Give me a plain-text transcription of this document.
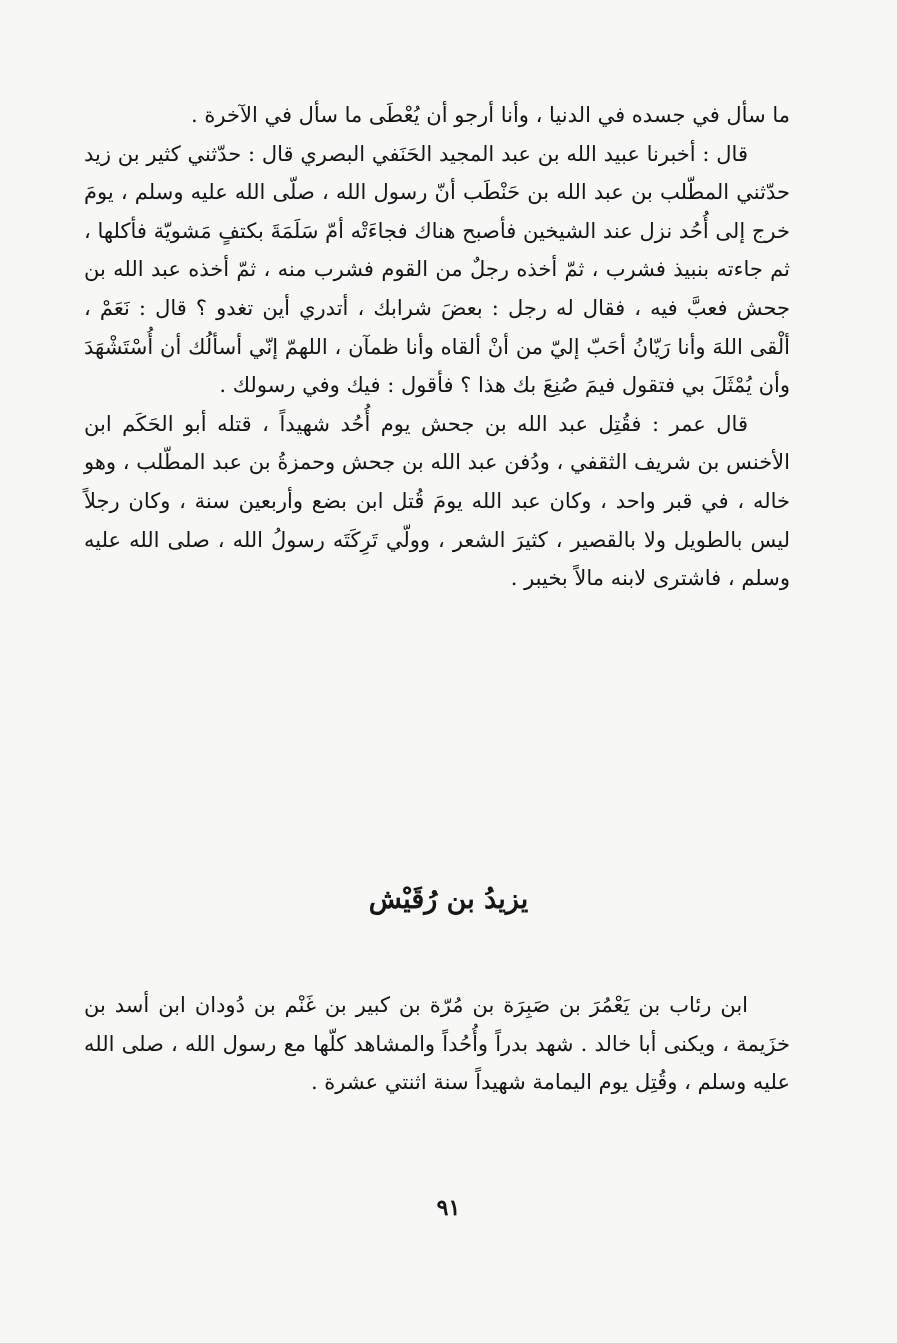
ما سأل في جسده في الدنيا ، وأنا أرجو أن يُعْطَى ما سأل في الآخرة .

قال : أخبرنا عبيد الله بن عبد المجيد الحَنَفي البصري قال : حدّثني كثير بن زيد حدّثني المطّلب بن عبد الله بن حَنْطَب أنّ رسول الله ، صلّى الله عليه وسلم ، يومَ خرج إلى أُحُد نزل عند الشيخين فأصبح هناك فجاءَتْه أمّ سَلَمَةَ بكتفٍ مَشويّة فأكلها ، ثم جاءته بنبيذ فشرب ، ثمّ أخذه رجلٌ من القوم فشرب منه ، ثمّ أخذه عبد الله بن جحش فعبَّ فيه ، فقال له رجل : بعضَ شرابك ، أتدري أين تغدو ؟ قال : نَعَمْ ، ألْقى اللهَ وأنا رَيّانُ أحَبّ إليّ من أنْ ألقاه وأنا ظمآن ، اللهمّ إنّي أسألُك أن أُسْتَشْهَدَ وأن يُمْثَلَ بي فتقول فيمَ صُنِعَ بك هذا ؟ فأقول : فيك وفي رسولك .

قال عمر : فقُتِل عبد الله بن جحش يوم أُحُد شهيداً ، قتله أبو الحَكَم ابن الأخنس بن شريف الثقفي ، ودُفن عبد الله بن جحش وحمزةُ بن عبد المطّلب ، وهو خاله ، في قبر واحد ، وكان عبد الله يومَ قُتل ابن بضع وأربعين سنة ، وكان رجلاً ليس بالطويل ولا بالقصير ، كثيرَ الشعر ، وولّي تَرِكَتَه رسولُ الله ، صلى الله عليه وسلم ، فاشترى لابنه مالاً بخيبر .

يزيدُ بن رُقَيْش

ابن رئاب بن يَعْمُرَ بن صَبِرَة بن مُرّة بن كبير بن غَنْم بن دُودان ابن أسد بن خزَيمة ، ويكنى أبا خالد . شهد بدراً وأُحُداً والمشاهد كلّها مع رسول الله ، صلى الله عليه وسلم ، وقُتِل يوم اليمامة شهيداً سنة اثنتي عشرة .

٩١
